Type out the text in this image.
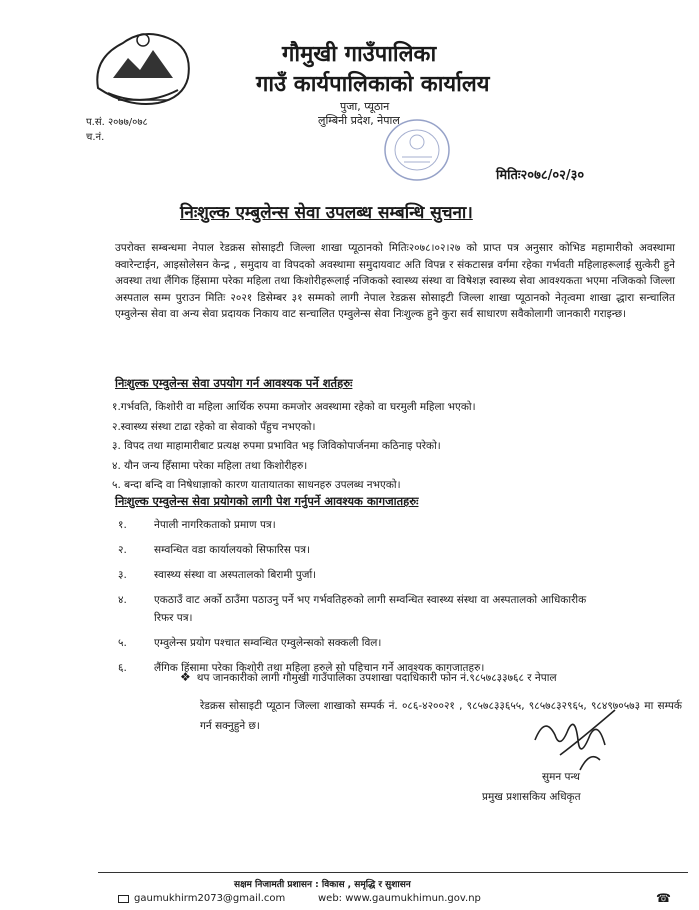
गौमुखी गाउँपालिका
गाउँ कार्यपालिकाको कार्यालय
पुजा, प्यूठान
लुम्बिनी प्रदेश, नेपाल
प.सं. २०७७/०७८
च.नं.
मितिः२०७८/०२/३०
निःशुल्क एम्बुलेन्स सेवा उपलब्ध सम्बन्धि सुचना।
उपरोक्त सम्बन्धमा नेपाल रेडक्रस सोसाइटी जिल्ला शाखा प्यूठानको मितिः२०७८।०२।२७ को प्राप्त पत्र अनुसार कोभिड महामारीको अवस्थामा क्वारेन्टाईन, आइसोलेसन केन्द्र , समुदाय वा विपदको अवस्थामा समुदायवाट अति विपन्न र संकटासन्न वर्गमा रहेका गर्भवती महिलाहरूलाई सुत्केरी हुने अवस्था तथा लैंगिक हिंसामा परेका महिला तथा किशोरीहरूलाई नजिकको स्वास्थ्य संस्था वा विषेशज्ञ स्वास्थ्य सेवा आवश्यकता भएमा नजिकको जिल्ला अस्पताल सम्म पुराउन मितिः २०२१ डिसेम्बर ३१ सम्मको लागी नेपाल रेडक्रस सोसाइटी जिल्ला शाखा प्यूठानको नेतृत्वमा शाखा द्धारा सन्चालित एम्वुलेन्स सेवा वा अन्य सेवा प्रदायक निकाय वाट सन्चालित एम्वुलेन्स सेवा निःशुल्क हुने कुरा सर्व साधारण सवैकोलागी जानकारी गराइन्छ।
निःशुल्क एम्वुलेन्स सेवा उपयोग गर्न आवश्यक पर्ने शर्तहरुः
१.गर्भवति, किशोरी वा महिला आर्थिक रुपमा कमजोर अवस्थामा रहेको वा घरमुली महिला भएको।
२.स्वास्थ्य संस्था टाढा रहेको वा सेवाको पँहुच नभएको।
३. विपद तथा माहामारीबाट प्रत्यक्ष रुपमा प्रभावित भइ जिविकोपार्जनमा कठिनाइ परेको।
४. यौन जन्य हिँसामा परेका महिला तथा किशोरीहरु।
५. बन्दा बन्दि वा निषेधाज्ञाको कारण यातायातका साधनहरु उपलब्ध नभएको।
निःशुल्क एम्वुलेन्स सेवा प्रयोगको लागी पेश गर्नुपर्ने आवश्यक कागजातहरुः
१.	नेपाली नागरिकताको प्रमाण पत्र।
२.	सम्वन्धित वडा कार्यालयको सिफारिस पत्र।
३.	स्वास्थ्य संस्था वा अस्पतालको बिरामी पुर्जा।
४.	एकठाउँ वाट अर्को ठाउँमा पठाउनु पर्ने भए गर्भवतिहरुको लागी सम्वन्धित स्वास्थ्य संस्था वा अस्पतालको आधिकारीक रिफर पत्र।
५.	एम्वुलेन्स प्रयोग पश्चात सम्वन्धित एम्वुलेन्सको सक्कली विल।
६.	लैंगिक हिंसामा परेका किशोरी तथा महिला हरुले सो पहिचान गर्ने आवश्यक कागजातहरु।
❖ थप जानकारीको लागी गौमुखी गाउँपालिका उपशाखा पदाधिकारी फोन नं.९८५७८३३७६८ र नेपाल
रेडक्रस सोसाइटी प्यूठान जिल्ला शाखाको सम्पर्क नं. ०८६-४२००२१ , ९८५७८३३६५५, ९८५७८३२९६५, ९८४९७०५७३ मा सम्पर्क गर्न सक्नुहुने छ।
सुमन पन्थ
प्रमुख प्रशासकिय अधिकृत
सक्षम निजामती प्रशासन : विकास , समृद्धि र सुशासन
gaumukhirm2073@gmail.com	web: www.gaumukhimun.gov.np	☎
